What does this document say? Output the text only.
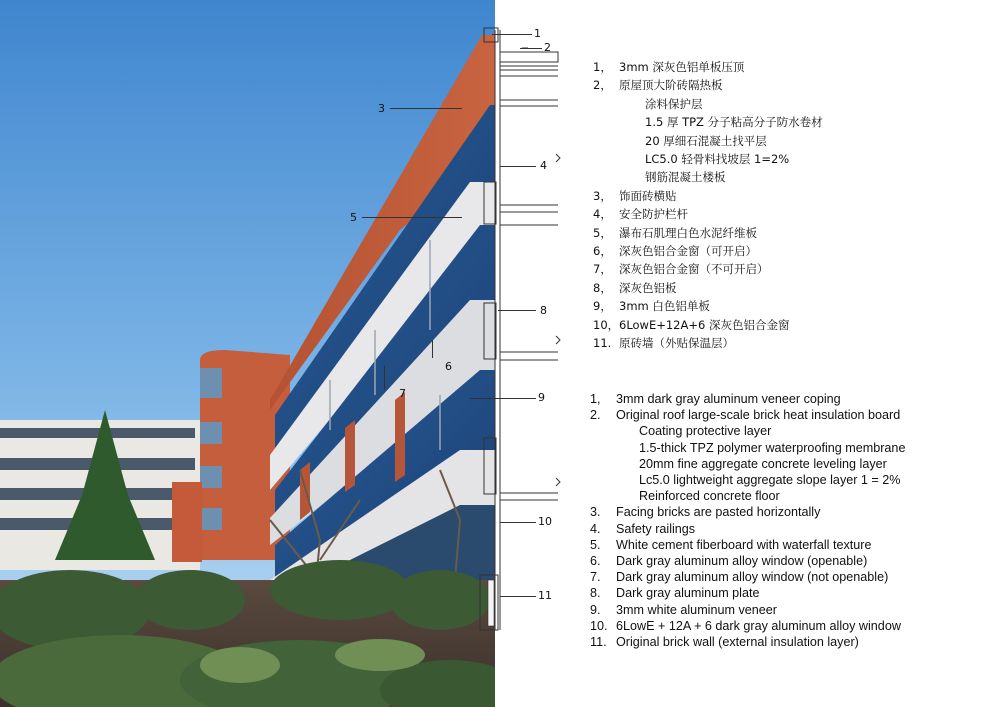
1
2
3
4
5
6
7
8
9
10
11
1， 3mm 深灰色铝单板压顶
2， 原屋顶大阶砖隔热板
涂料保护层
1.5 厚 TPZ 分子粘高分子防水卷材
20 厚细石混凝土找平层
LC5.0 轻骨料找坡层 1=2%
钢筋混凝土楼板
3， 饰面砖横贴
4， 安全防护栏杆
5， 瀑布石肌理白色水泥纤维板
6， 深灰色铝合金窗（可开启）
7， 深灰色铝合金窗（不可开启）
8， 深灰色铝板
9， 3mm 白色铝单板
10， 6LowE+12A+6 深灰色铝合金窗
11. 原砖墙（外贴保温层）
1,	3mm dark gray aluminum veneer coping
2.	Original roof large-scale brick heat insulation board
Coating protective layer
1.5-thick TPZ polymer waterproofing membrane
20mm fine aggregate concrete leveling layer
Lc5.0 lightweight aggregate slope layer 1 = 2%
Reinforced concrete floor
3.	Facing bricks are pasted horizontally
4.	Safety railings
5.	White cement fiberboard with waterfall texture
6.	Dark gray aluminum alloy window (openable)
7.	Dark gray aluminum alloy window (not openable)
8.	Dark gray aluminum plate
9.	3mm white aluminum veneer
10. 6LowE + 12A + 6 dark gray aluminum alloy window
11. Original brick wall (external insulation layer)
